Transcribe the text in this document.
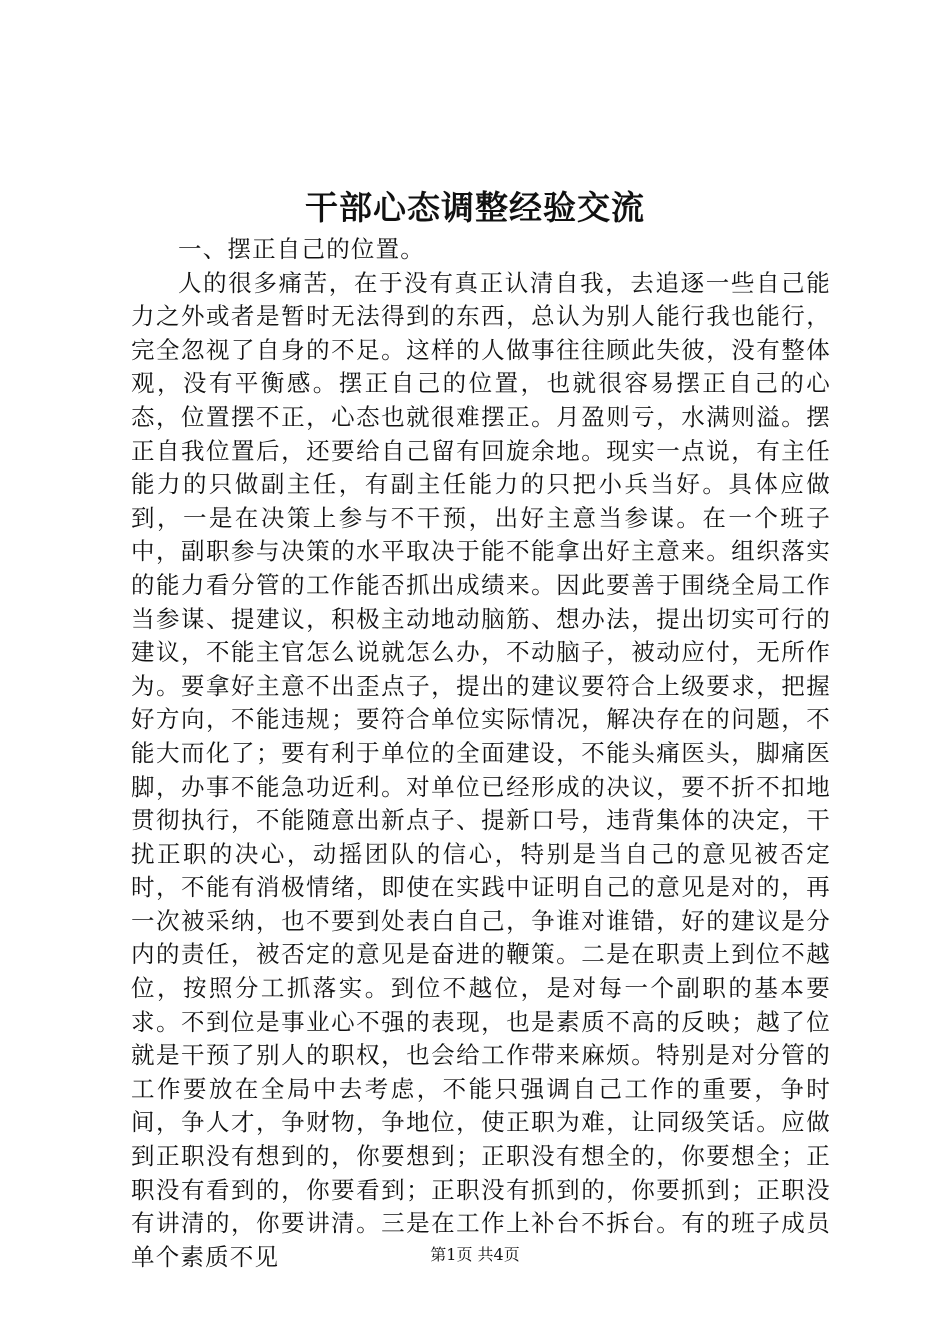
干部心态调整经验交流

一、摆正自己的位置。

人的很多痛苦，在于没有真正认清自我，去追逐一些自己能力之外或者是暂时无法得到的东西，总认为别人能行我也能行，完全忽视了自身的不足。这样的人做事往往顾此失彼，没有整体观，没有平衡感。摆正自己的位置，也就很容易摆正自己的心态，位置摆不正，心态也就很难摆正。月盈则亏，水满则溢。摆正自我位置后，还要给自己留有回旋余地。现实一点说，有主任能力的只做副主任，有副主任能力的只把小兵当好。具体应做到，一是在决策上参与不干预，出好主意当参谋。在一个班子中，副职参与决策的水平取决于能不能拿出好主意来。组织落实的能力看分管的工作能否抓出成绩来。因此要善于围绕全局工作当参谋、提建议，积极主动地动脑筋、想办法，提出切实可行的建议，不能主官怎么说就怎么办，不动脑子，被动应付，无所作为。要拿好主意不出歪点子，提出的建议要符合上级要求，把握好方向，不能违规；要符合单位实际情况，解决存在的问题，不能大而化了；要有利于单位的全面建设，不能头痛医头，脚痛医脚，办事不能急功近利。对单位已经形成的决议，要不折不扣地贯彻执行，不能随意出新点子、提新口号，违背集体的决定，干扰正职的决心，动摇团队的信心，特别是当自己的意见被否定时，不能有消极情绪，即使在实践中证明自己的意见是对的，再一次被采纳，也不要到处表白自己，争谁对谁错，好的建议是分内的责任，被否定的意见是奋进的鞭策。二是在职责上到位不越位，按照分工抓落实。到位不越位，是对每一个副职的基本要求。不到位是事业心不强的表现，也是素质不高的反映；越了位就是干预了别人的职权，也会给工作带来麻烦。特别是对分管的工作要放在全局中去考虑，不能只强调自己工作的重要，争时间，争人才，争财物，争地位，使正职为难，让同级笑话。应做到正职没有想到的，你要想到；正职没有想全的，你要想全；正职没有看到的，你要看到；正职没有抓到的，你要抓到；正职没有讲清的，你要讲清。三是在工作上补台不拆台。有的班子成员单个素质不见	第1页 共4页
